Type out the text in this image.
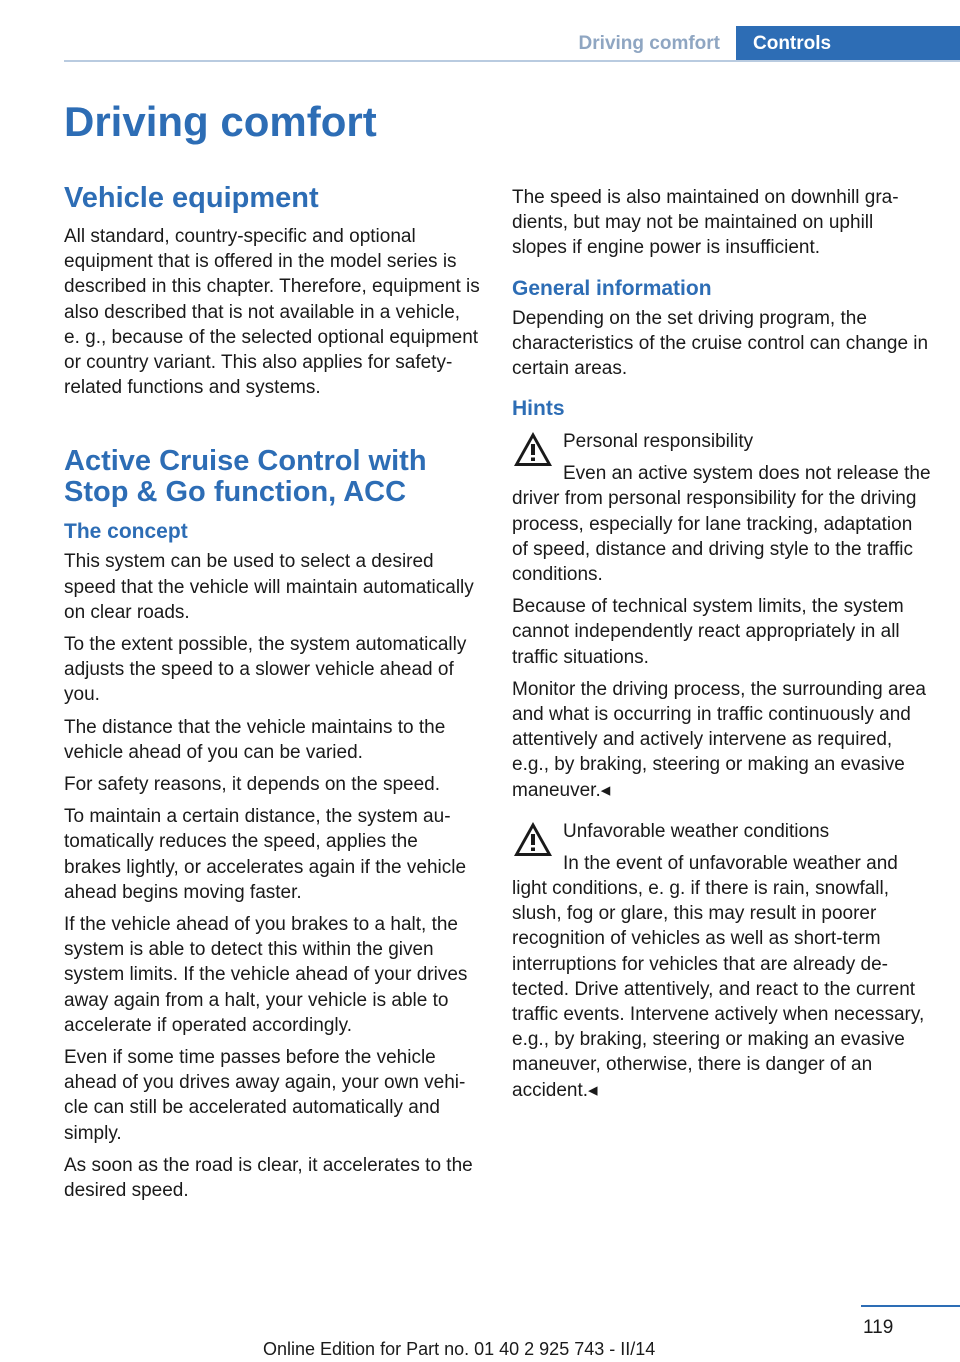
Driving comfort	Controls
Driving comfort
Vehicle equipment

All standard, country-specific and optional equipment that is offered in the model series is described in this chapter. Therefore, equipment is also described that is not available in a vehicle, e. g., because of the selected optional equipment or country variant. This also applies for safety-related functions and systems.

Active Cruise Control with Stop & Go function, ACC
The concept

This system can be used to select a desired speed that the vehicle will maintain automatically on clear roads.

To the extent possible, the system automatically adjusts the speed to a slower vehicle ahead of you.

The distance that the vehicle maintains to the vehicle ahead of you can be varied.

For safety reasons, it depends on the speed.

To maintain a certain distance, the system automatically reduces the speed, applies the brakes lightly, or accelerates again if the vehicle ahead begins moving faster.

If the vehicle ahead of you brakes to a halt, the system is able to detect this within the given system limits. If the vehicle ahead of your drives away again from a halt, your vehicle is able to accelerate if operated accordingly.

Even if some time passes before the vehicle ahead of you drives away again, your own vehicle can still be accelerated automatically and simply.

As soon as the road is clear, it accelerates to the desired speed.

The speed is also maintained on downhill gradients, but may not be maintained on uphill slopes if engine power is insufficient.

General information

Depending on the set driving program, the characteristics of the cruise control can change in certain areas.

Hints
Personal responsibility

Even an active system does not release the driver from personal responsibility for the driving process, especially for lane tracking, adaptation of speed, distance and driving style to the traffic conditions.

Because of technical system limits, the system cannot independently react appropriately in all traffic situations.

Monitor the driving process, the surrounding area and what is occurring in traffic continuously and attentively and actively intervene as required, e.g., by braking, steering or making an evasive maneuver.◂

Unfavorable weather conditions

In the event of unfavorable weather and light conditions, e. g. if there is rain, snowfall, slush, fog or glare, this may result in poorer recognition of vehicles as well as short-term interruptions for vehicles that are already detected. Drive attentively, and react to the current traffic events. Intervene actively when necessary, e.g., by braking, steering or making an evasive maneuver, otherwise, there is danger of an accident.◂

119
Online Edition for Part no. 01 40 2 925 743 - II/14
